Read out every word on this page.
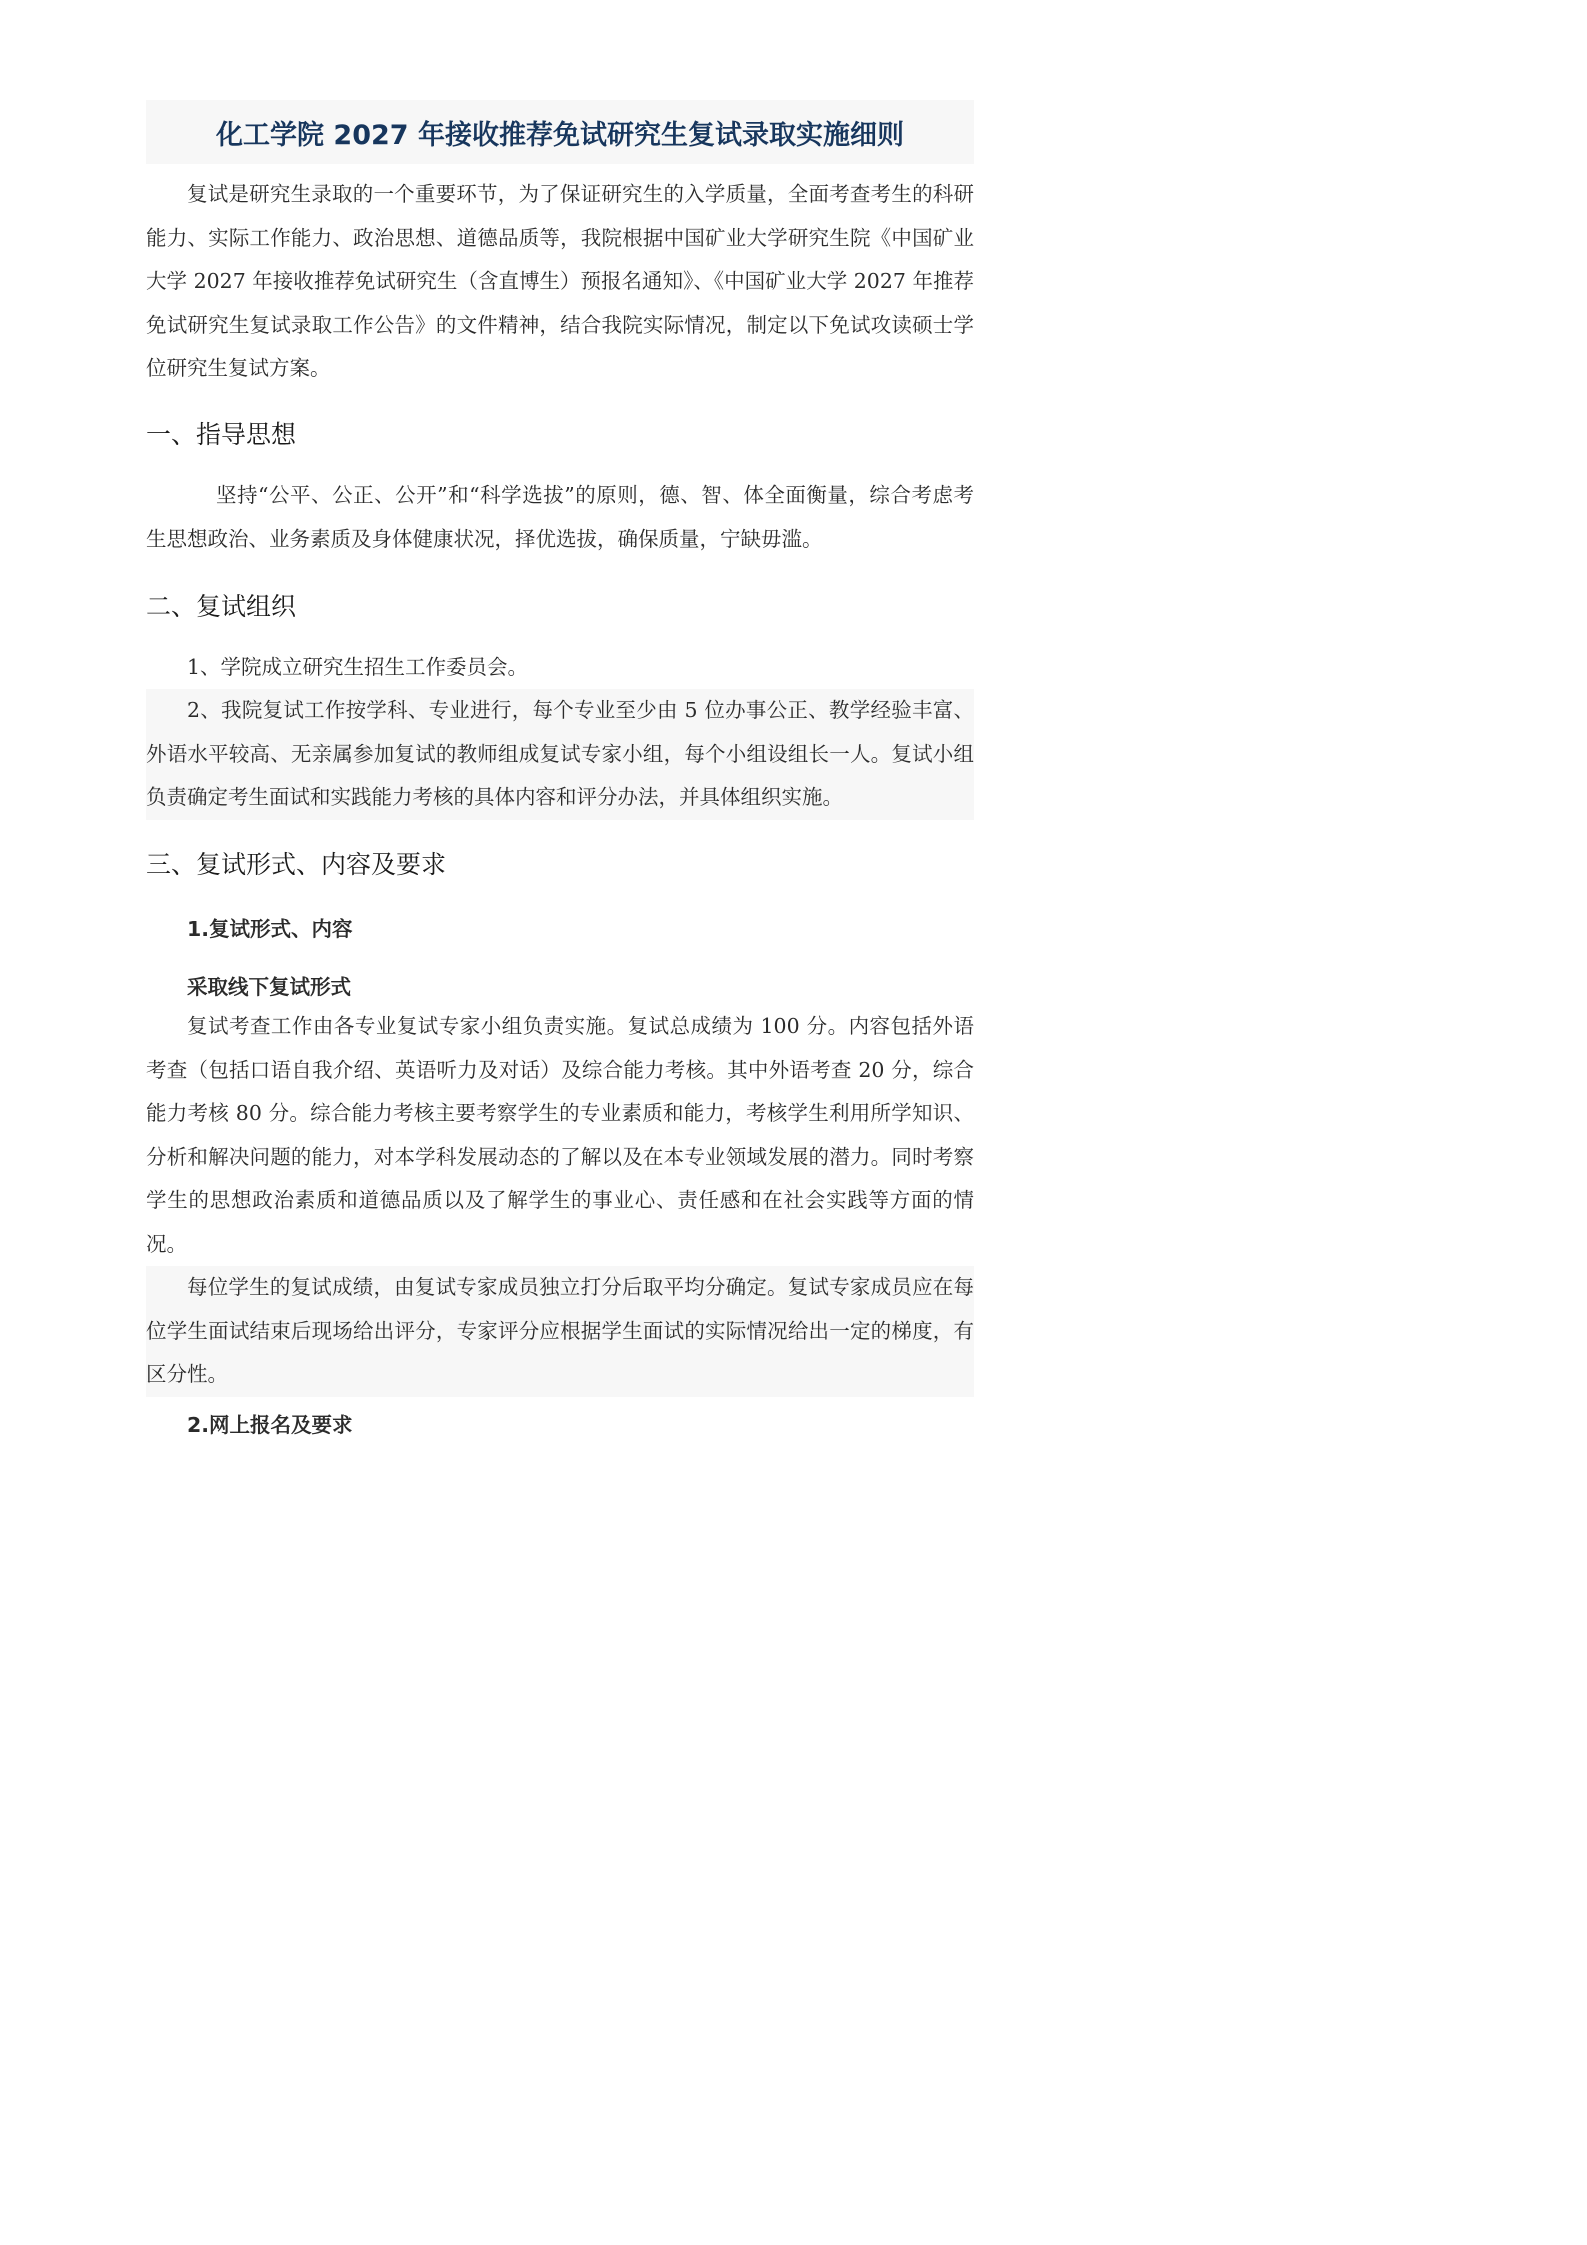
化工学院 2027 年接收推荐免试研究生复试录取实施细则

复试是研究生录取的一个重要环节，为了保证研究生的入学质量，全面考查考生的科研能力、实际工作能力、政治思想、道德品质等，我院根据中国矿业大学研究生院《中国矿业大学 2027 年接收推荐免试研究生（含直博生）预报名通知》、《中国矿业大学 2027 年推荐免试研究生复试录取工作公告》的文件精神，结合我院实际情况，制定以下免试攻读硕士学位研究生复试方案。

一、指导思想

坚持“公平、公正、公开”和“科学选拔”的原则，德、智、体全面衡量，综合考虑考生思想政治、业务素质及身体健康状况，择优选拔，确保质量，宁缺毋滥。

二、复试组织

1、学院成立研究生招生工作委员会。

2、我院复试工作按学科、专业进行，每个专业至少由 5 位办事公正、教学经验丰富、外语水平较高、无亲属参加复试的教师组成复试专家小组，每个小组设组长一人。复试小组负责确定考生面试和实践能力考核的具体内容和评分办法，并具体组织实施。

三、复试形式、内容及要求

1.复试形式、内容

采取线下复试形式

复试考查工作由各专业复试专家小组负责实施。复试总成绩为 100 分。内容包括外语考查（包括口语自我介绍、英语听力及对话）及综合能力考核。其中外语考查 20 分，综合能力考核 80 分。综合能力考核主要考察学生的专业素质和能力，考核学生利用所学知识、分析和解决问题的能力，对本学科发展动态的了解以及在本专业领域发展的潜力。同时考察学生的思想政治素质和道德品质以及了解学生的事业心、责任感和在社会实践等方面的情况。

每位学生的复试成绩，由复试专家成员独立打分后取平均分确定。复试专家成员应在每位学生面试结束后现场给出评分，专家评分应根据学生面试的实际情况给出一定的梯度，有区分性。

2.网上报名及要求
